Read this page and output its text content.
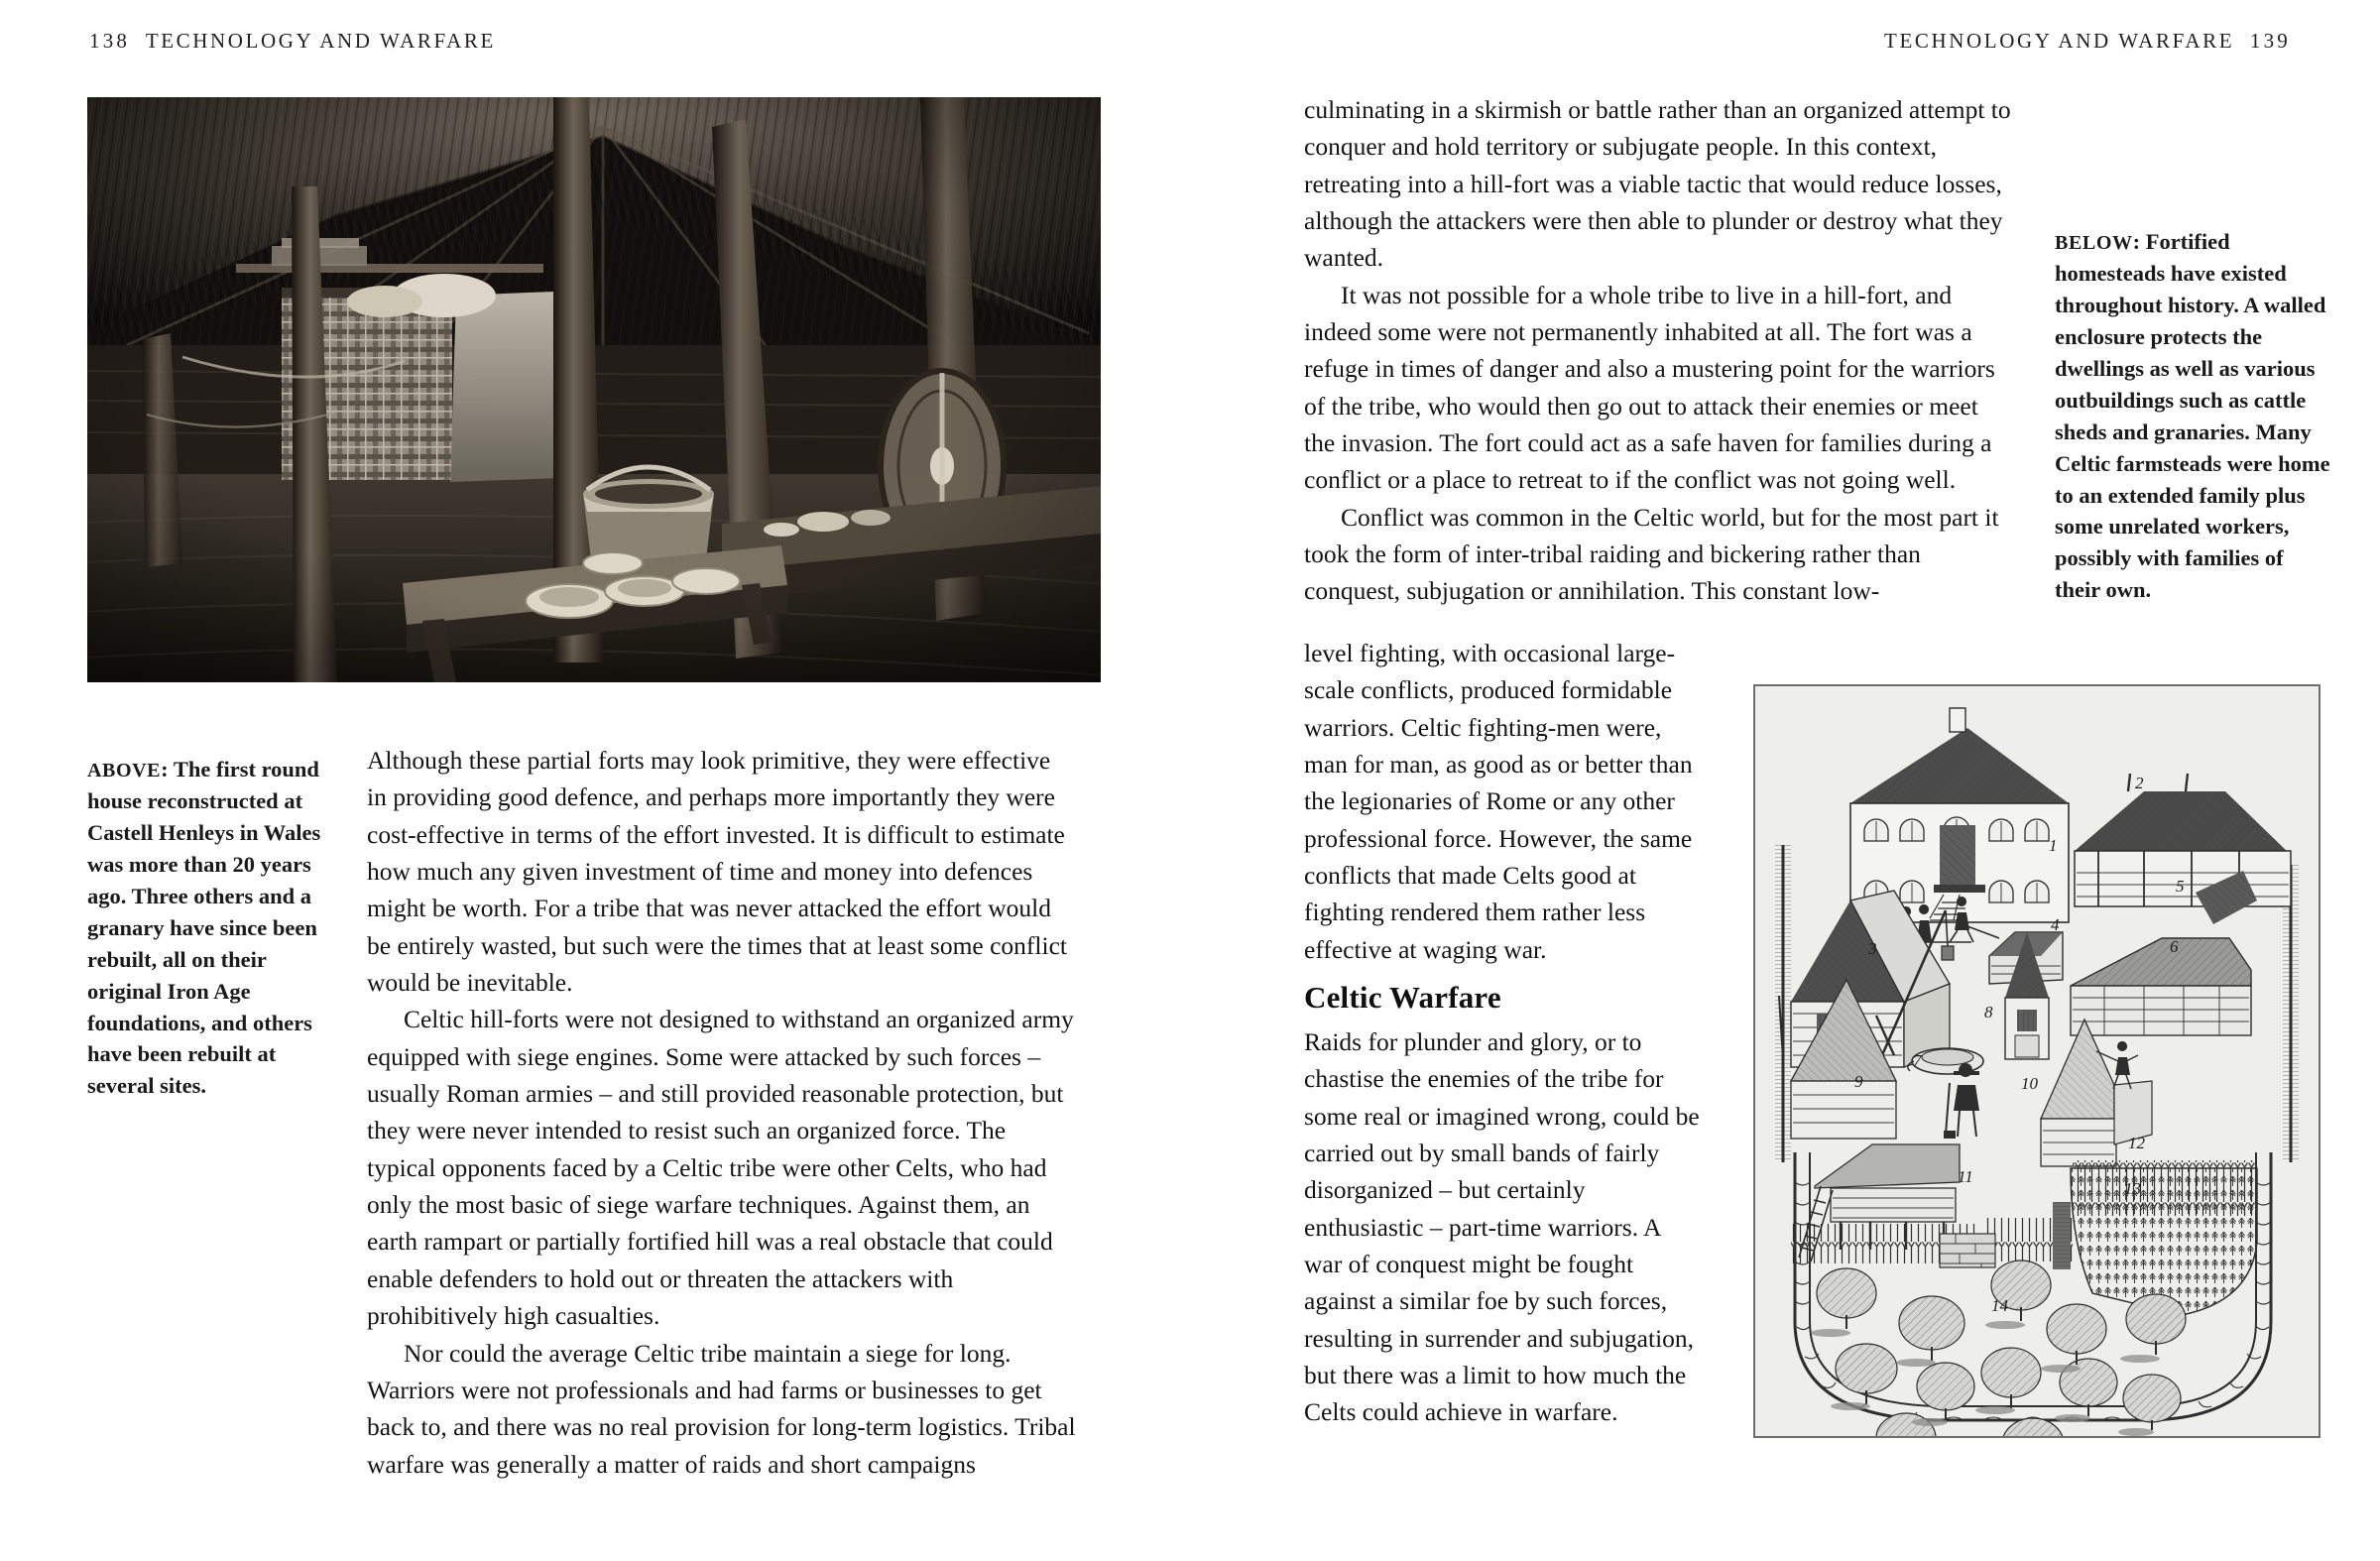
138 TECHNOLOGY AND WARFARE	TECHNOLOGY AND WARFARE 139
ABOVE: The first round house reconstructed at Castell Henleys in Wales was more than 20 years ago. Three others and a granary have since been rebuilt, all on their original Iron Age foundations, and others have been rebuilt at several sites.

Although these partial forts may look primitive, they were effective in providing good defence, and perhaps more importantly they were cost-effective in terms of the effort invested. It is difficult to estimate how much any given investment of time and money into defences might be worth. For a tribe that was never attacked the effort would be entirely wasted, but such were the times that at least some conflict would be inevitable.

Celtic hill-forts were not designed to withstand an organized army equipped with siege engines. Some were attacked by such forces – usually Roman armies – and still provided reasonable protection, but they were never intended to resist such an organized force. The typical opponents faced by a Celtic tribe were other Celts, who had only the most basic of siege warfare techniques. Against them, an earth rampart or partially fortified hill was a real obstacle that could enable defenders to hold out or threaten the attackers with prohibitively high casualties.

Nor could the average Celtic tribe maintain a siege for long. Warriors were not professionals and had farms or businesses to get back to, and there was no real provision for long-term logistics. Tribal warfare was generally a matter of raids and short campaigns

culminating in a skirmish or battle rather than an organized attempt to conquer and hold territory or subjugate people. In this context, retreating into a hill-fort was a viable tactic that would reduce losses, although the attackers were then able to plunder or destroy what they wanted.

It was not possible for a whole tribe to live in a hill-fort, and indeed some were not permanently inhabited at all. The fort was a refuge in times of danger and also a mustering point for the warriors of the tribe, who would then go out to attack their enemies or meet the invasion. The fort could act as a safe haven for families during a conflict or a place to retreat to if the conflict was not going well.

Conflict was common in the Celtic world, but for the most part it took the form of inter-tribal raiding and bickering rather than conquest, subjugation or annihilation. This constant low-

level fighting, with occasional large-scale conflicts, produced formidable warriors. Celtic fighting-men were, man for man, as good as or better than the legionaries of Rome or any other professional force. However, the same conflicts that made Celts good at fighting rendered them rather less effective at waging war.

Celtic Warfare

Raids for plunder and glory, or to chastise the enemies of the tribe for some real or imagined wrong, could be carried out by small bands of fairly disorganized – but certainly enthusiastic – part-time warriors. A war of conquest might be fought against a similar foe by such forces, resulting in surrender and subjugation, but there was a limit to how much the Celts could achieve in warfare.

BELOW: Fortified homesteads have existed throughout history. A walled enclosure protects the dwellings as well as various outbuildings such as cattle sheds and granaries. Many Celtic farmsteads were home to an extended family plus some unrelated workers, possibly with families of their own.
1
2
3
4
5
6
7
8
9	10
11
12
13
14
